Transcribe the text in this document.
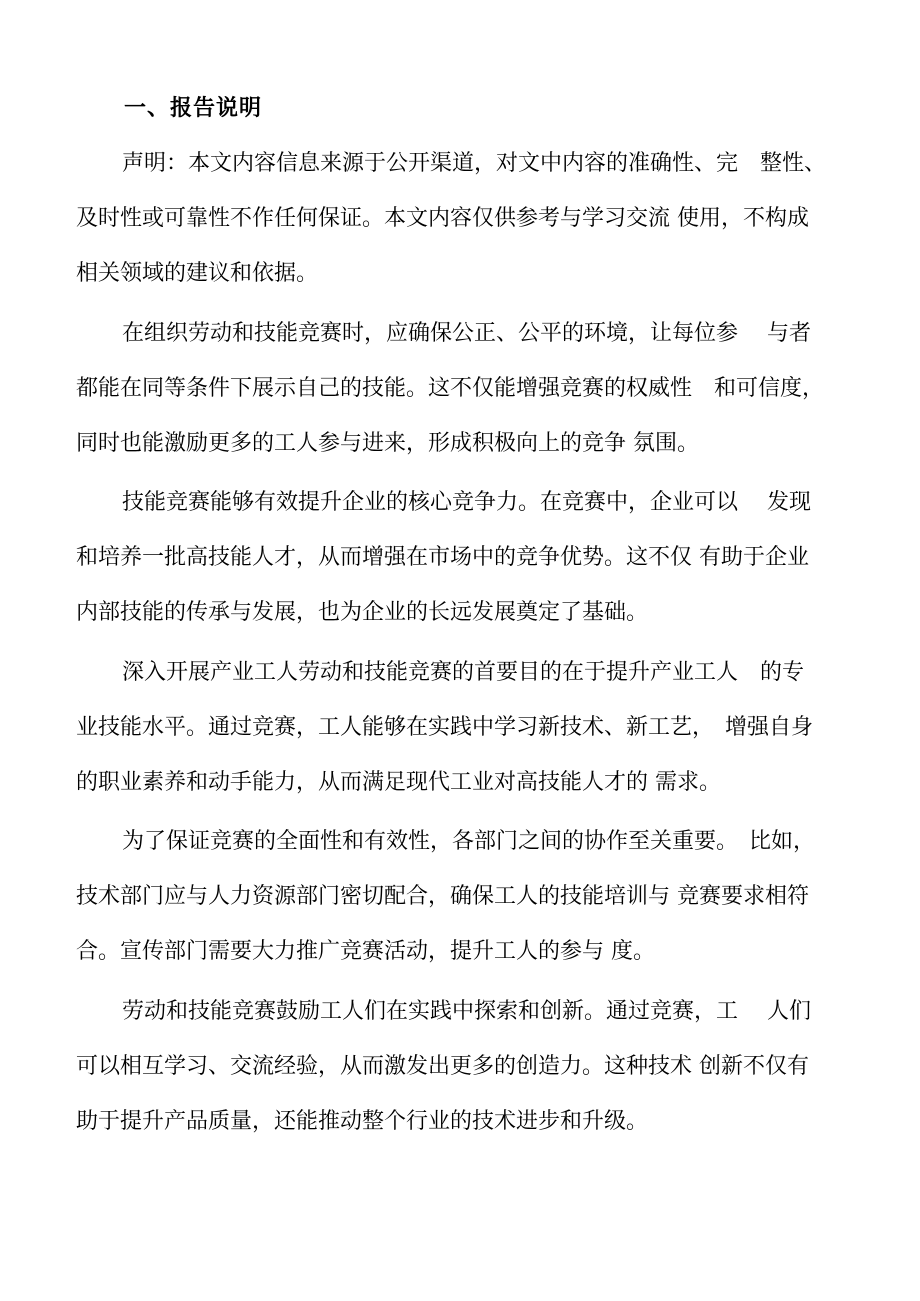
一、报告说明
声明：本文内容信息来源于公开渠道，对文中内容的准确性、完　整性、
及时性或可靠性不作任何保证。本文内容仅供参考与学习交流 使用，不构成
相关领域的建议和依据。
在组织劳动和技能竞赛时，应确保公正、公平的环境，让每位参　 与者
都能在同等条件下展示自己的技能。这不仅能增强竞赛的权威性　和可信度，
同时也能激励更多的工人参与进来，形成积极向上的竞争 氛围。
技能竞赛能够有效提升企业的核心竞争力。在竞赛中，企业可以　 发现
和培养一批高技能人才，从而增强在市场中的竞争优势。这不仅 有助于企业
内部技能的传承与发展，也为企业的长远发展奠定了基础。
深入开展产业工人劳动和技能竞赛的首要目的在于提升产业工人　的专
业技能水平。通过竞赛，工人能够在实践中学习新技术、新工艺，　增强自身
的职业素养和动手能力，从而满足现代工业对高技能人才的 需求。
为了保证竞赛的全面性和有效性，各部门之间的协作至关重要。　比如，
技术部门应与人力资源部门密切配合，确保工人的技能培训与 竞赛要求相符
合。宣传部门需要大力推广竞赛活动，提升工人的参与 度。
劳动和技能竞赛鼓励工人们在实践中探索和创新。通过竞赛，工　 人们
可以相互学习、交流经验，从而激发出更多的创造力。这种技术 创新不仅有
助于提升产品质量，还能推动整个行业的技术进步和升级。
